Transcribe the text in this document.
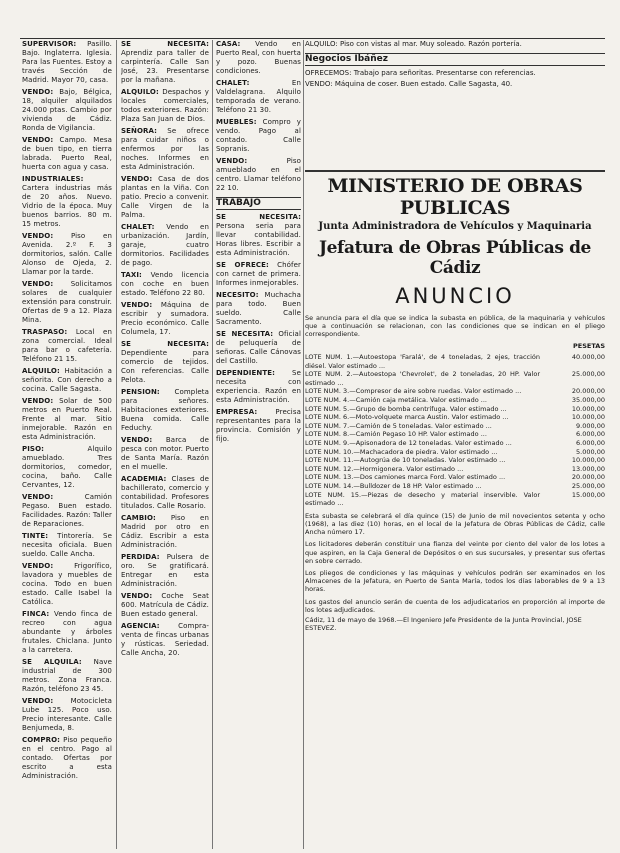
SUPERVISOR: Pasillo. Bajo. Inglaterra. Iglesia. Para las Fuentes. Estoy a través Sección de Madrid. Mayor 70, casa.

VENDO: Bajo, Bélgica, 18, alquiler alquilados 24.000 ptas. Cambio por vivienda de Cádiz. Ronda de Vigilancia.

VENDO: Campo. Mesa de buen tipo, en tierra labrada. Puerto Real, huerta con agua y casa.

INDUSTRIALES: Cartera industrias más de 20 años. Nuevo. Vidrio de la época. Muy buenos barrios. 80 m. 15 metros.

VENDO: Piso en Avenida. 2.º F. 3 dormitorios, salón. Calle Alonso de Ojeda, 2. Llamar por la tarde.

VENDO: Solicitamos solares de cualquier extensión para construir. Ofertas de 9 a 12. Plaza Mina.

TRASPASO: Local en zona comercial. Ideal para bar o cafetería. Teléfono 21 15.

ALQUILO: Habitación a señorita. Con derecho a cocina. Calle Sagasta.

VENDO: Solar de 500 metros en Puerto Real. Frente al mar. Sitio inmejorable. Razón en esta Administración.

PISO: Alquilo amueblado. Tres dormitorios, comedor, cocina, baño. Calle Cervantes, 12.

VENDO: Camión Pegaso. Buen estado. Facilidades. Razón: Taller de Reparaciones.

TINTE: Tintorería. Se necesita oficiala. Buen sueldo. Calle Ancha.

VENDO: Frigorífico, lavadora y muebles de cocina. Todo en buen estado. Calle Isabel la Católica.

FINCA: Vendo finca de recreo con agua abundante y árboles frutales. Chiclana. Junto a la carretera.

SE ALQUILA: Nave industrial de 300 metros. Zona Franca. Razón, teléfono 23 45.

VENDO: Motocicleta Lube 125. Poco uso. Precio interesante. Calle Benjumeda, 8.

COMPRO: Piso pequeño en el centro. Pago al contado. Ofertas por escrito a esta Administración.

SE NECESITA: Aprendiz para taller de carpintería. Calle San José, 23. Presentarse por la mañana.

ALQUILO: Despachos y locales comerciales, todos exteriores. Razón: Plaza San Juan de Dios.

SEÑORA: Se ofrece para cuidar niños o enfermos por las noches. Informes en esta Administración.

VENDO: Casa de dos plantas en la Viña. Con patio. Precio a convenir. Calle Virgen de la Palma.

CHALET: Vendo en urbanización. Jardín, garaje, cuatro dormitorios. Facilidades de pago.

TAXI: Vendo licencia con coche en buen estado. Teléfono 22 80.

VENDO: Máquina de escribir y sumadora. Precio económico. Calle Columela, 17.

SE NECESITA: Dependiente para comercio de tejidos. Con referencias. Calle Pelota.

PENSION: Completa para señores. Habitaciones exteriores. Buena comida. Calle Feduchy.

VENDO: Barca de pesca con motor. Puerto de Santa María. Razón en el muelle.

ACADEMIA: Clases de bachillerato, comercio y contabilidad. Profesores titulados. Calle Rosario.

CAMBIO: Piso en Madrid por otro en Cádiz. Escribir a esta Administración.

PERDIDA: Pulsera de oro. Se gratificará. Entregar en esta Administración.

VENDO: Coche Seat 600. Matrícula de Cádiz. Buen estado general.

AGENCIA: Compra-venta de fincas urbanas y rústicas. Seriedad. Calle Ancha, 20.

CASA: Vendo en Puerto Real, con huerta y pozo. Buenas condiciones.

CHALET: En Valdelagrana. Alquilo temporada de verano. Teléfono 21 30.

MUEBLES: Compro y vendo. Pago al contado. Calle Sopranis.

VENDO: Piso amueblado en el centro. Llamar teléfono 22 10.

TRABAJO

SE NECESITA: Persona seria para llevar contabilidad. Horas libres. Escribir a esta Administración.

SE OFRECE: Chófer con carnet de primera. Informes inmejorables.

NECESITO: Muchacha para todo. Buen sueldo. Calle Sacramento.

SE NECESITA: Oficial de peluquería de señoras. Calle Cánovas del Castillo.

DEPENDIENTE: Se necesita con experiencia. Razón en esta Administración.

EMPRESA: Precisa representantes para la provincia. Comisión y fijo.

ALQUILO: Piso con vistas al mar. Muy soleado. Razón portería.

Negocios Ibáñez

OFRECEMOS: Trabajo para señoritas. Presentarse con referencias.

VENDO: Máquina de coser. Buen estado. Calle Sagasta, 40.

MINISTERIO DE OBRAS PUBLICAS

Junta Administradora de Vehículos y Maquinaria

Jefatura de Obras Públicas de Cádiz

ANUNCIO

Se anuncia para el día que se indica la subasta en pública, de la maquinaria y vehículos que a continuación se relacionan, con las condiciones que se indican en el pliego correspondiente.

PESETAS
LOTE NUM. 1.—Autoestopa 'Faralá', de 4 toneladas, 2 ejes, tracción diésel. Valor estimado ...
40.000,00
LOTE NUM. 2.—Autoestopa 'Chevrolet', de 2 toneladas, 20 HP. Valor estimado ...
25.000,00
LOTE NUM. 3.—Compresor de aire sobre ruedas. Valor estimado ...	20.000,00
LOTE NUM. 4.—Camión caja metálica. Valor estimado ...	35.000,00
LOTE NUM. 5.—Grupo de bomba centrífuga. Valor estimado ...	10.000,00
LOTE NUM. 6.—Moto-volquete marca Austin. Valor estimado ...	10.000,00
LOTE NUM. 7.—Camión de 5 toneladas. Valor estimado ...	9.000,00
LOTE NUM. 8.—Camión Pegaso 10 HP. Valor estimado ...	6.000,00
LOTE NUM. 9.—Apisonadora de 12 toneladas. Valor estimado ...	6.000,00
LOTE NUM. 10.—Machacadora de piedra. Valor estimado ...	5.000,00
LOTE NUM. 11.—Autogrúa de 10 toneladas. Valor estimado ...	10.000,00
LOTE NUM. 12.—Hormigonera. Valor estimado ...	13.000,00
LOTE NUM. 13.—Dos camiones marca Ford. Valor estimado ...	20.000,00
LOTE NUM. 14.—Bulldozer de 18 HP. Valor estimado ...	25.000,00
LOTE NUM. 15.—Piezas de desecho y material inservible. Valor estimado ...
15.000,00

Esta subasta se celebrará el día quince (15) de Junio de mil novecientos setenta y ocho (1968), a las diez (10) horas, en el local de la Jefatura de Obras Públicas de Cádiz, calle Ancha número 17.

Los licitadores deberán constituir una fianza del veinte por ciento del valor de los lotes a que aspiren, en la Caja General de Depósitos o en sus sucursales, y presentar sus ofertas en sobre cerrado.

Los pliegos de condiciones y las máquinas y vehículos podrán ser examinados en los Almacenes de la Jefatura, en Puerto de Santa María, todos los días laborables de 9 a 13 horas.

Los gastos del anuncio serán de cuenta de los adjudicatarios en proporción al importe de los lotes adjudicados.

Cádiz, 11 de mayo de 1968.—El Ingeniero Jefe Presidente de la Junta Provincial, JOSE ESTEVEZ.
